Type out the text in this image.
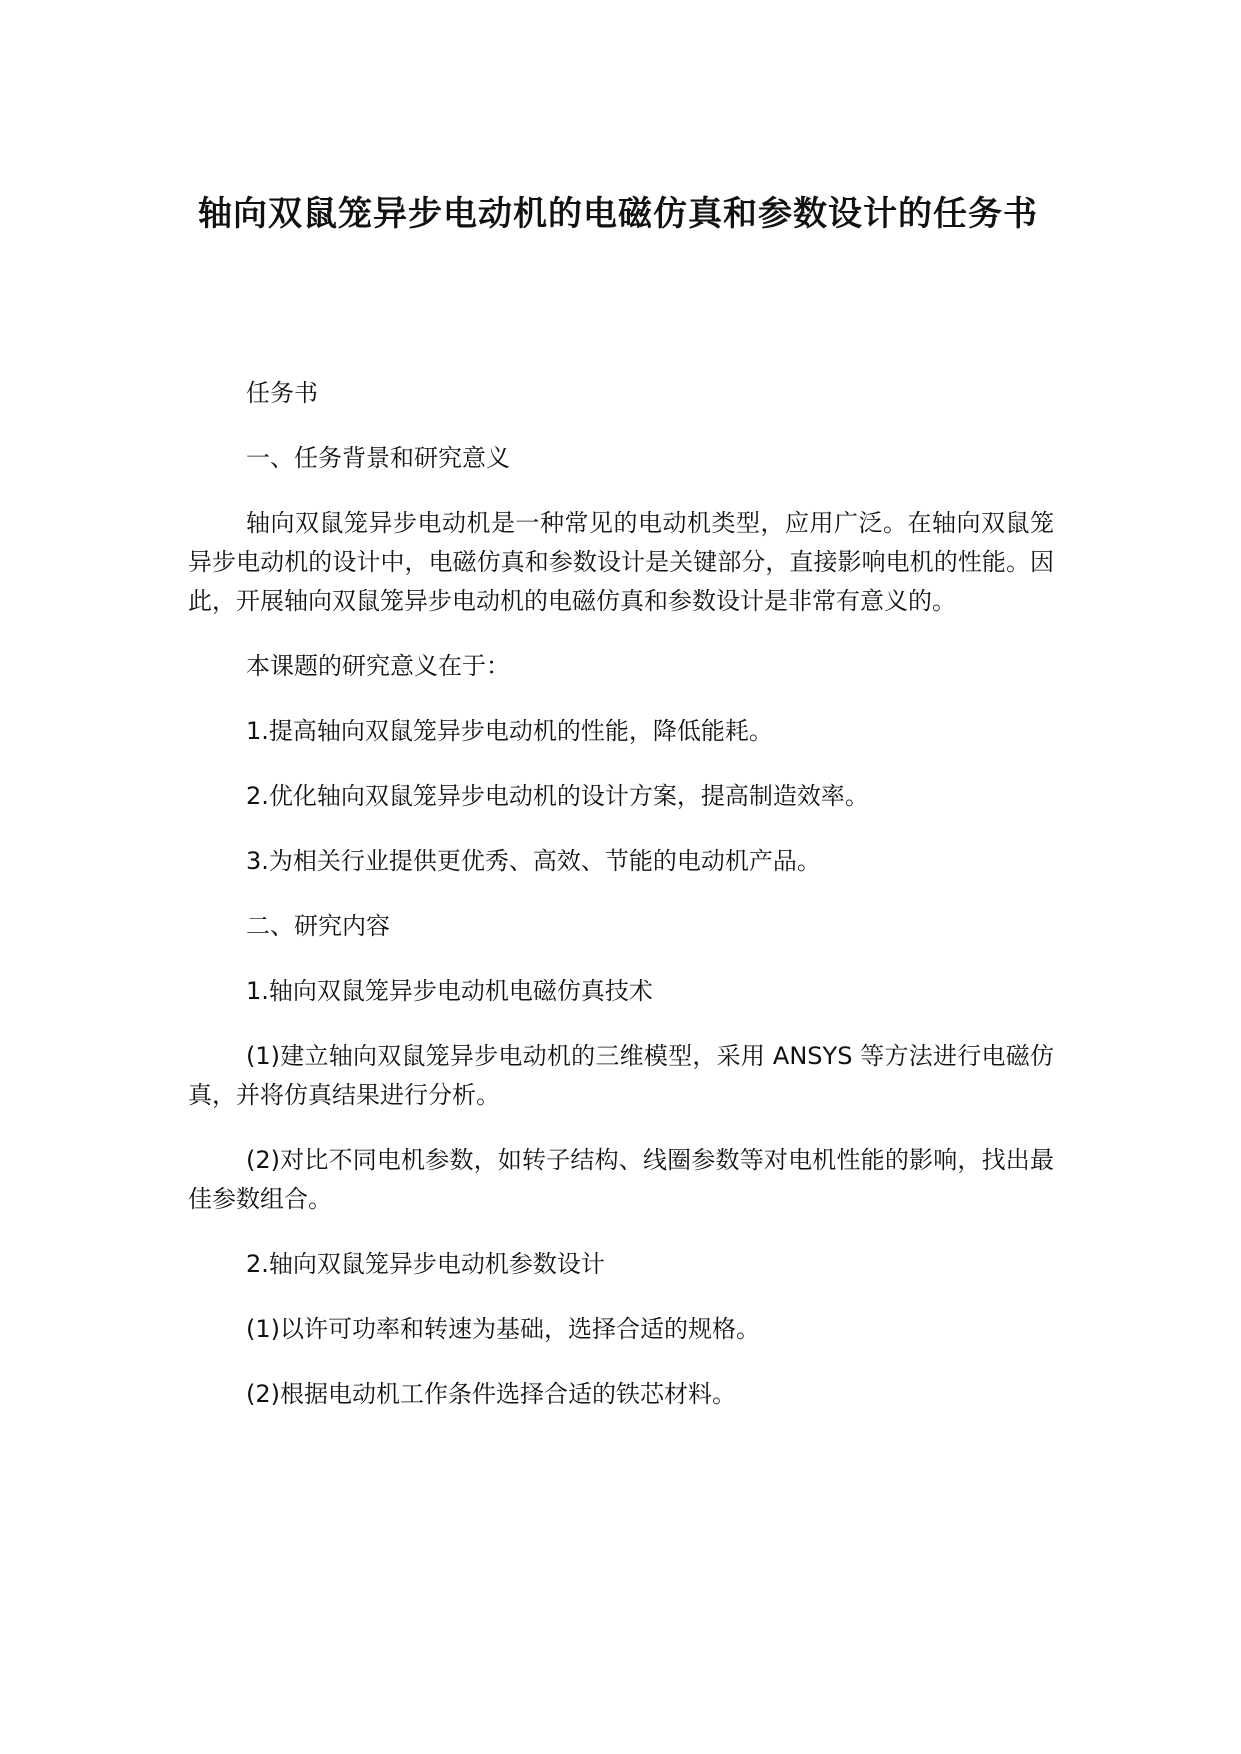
轴向双鼠笼异步电动机的电磁仿真和参数设计的任务书

任务书

一、任务背景和研究意义

轴向双鼠笼异步电动机是一种常见的电动机类型，应用广泛。在轴向双鼠笼异步电动机的设计中，电磁仿真和参数设计是关键部分，直接影响电机的性能。因此，开展轴向双鼠笼异步电动机的电磁仿真和参数设计是非常有意义的。

本课题的研究意义在于：

1.提高轴向双鼠笼异步电动机的性能，降低能耗。

2.优化轴向双鼠笼异步电动机的设计方案，提高制造效率。

3.为相关行业提供更优秀、高效、节能的电动机产品。

二、研究内容

1.轴向双鼠笼异步电动机电磁仿真技术

(1)建立轴向双鼠笼异步电动机的三维模型，采用 ANSYS 等方法进行电磁仿真，并将仿真结果进行分析。

(2)对比不同电机参数，如转子结构、线圈参数等对电机性能的影响，找出最佳参数组合。

2.轴向双鼠笼异步电动机参数设计

(1)以许可功率和转速为基础，选择合适的规格。

(2)根据电动机工作条件选择合适的铁芯材料。
